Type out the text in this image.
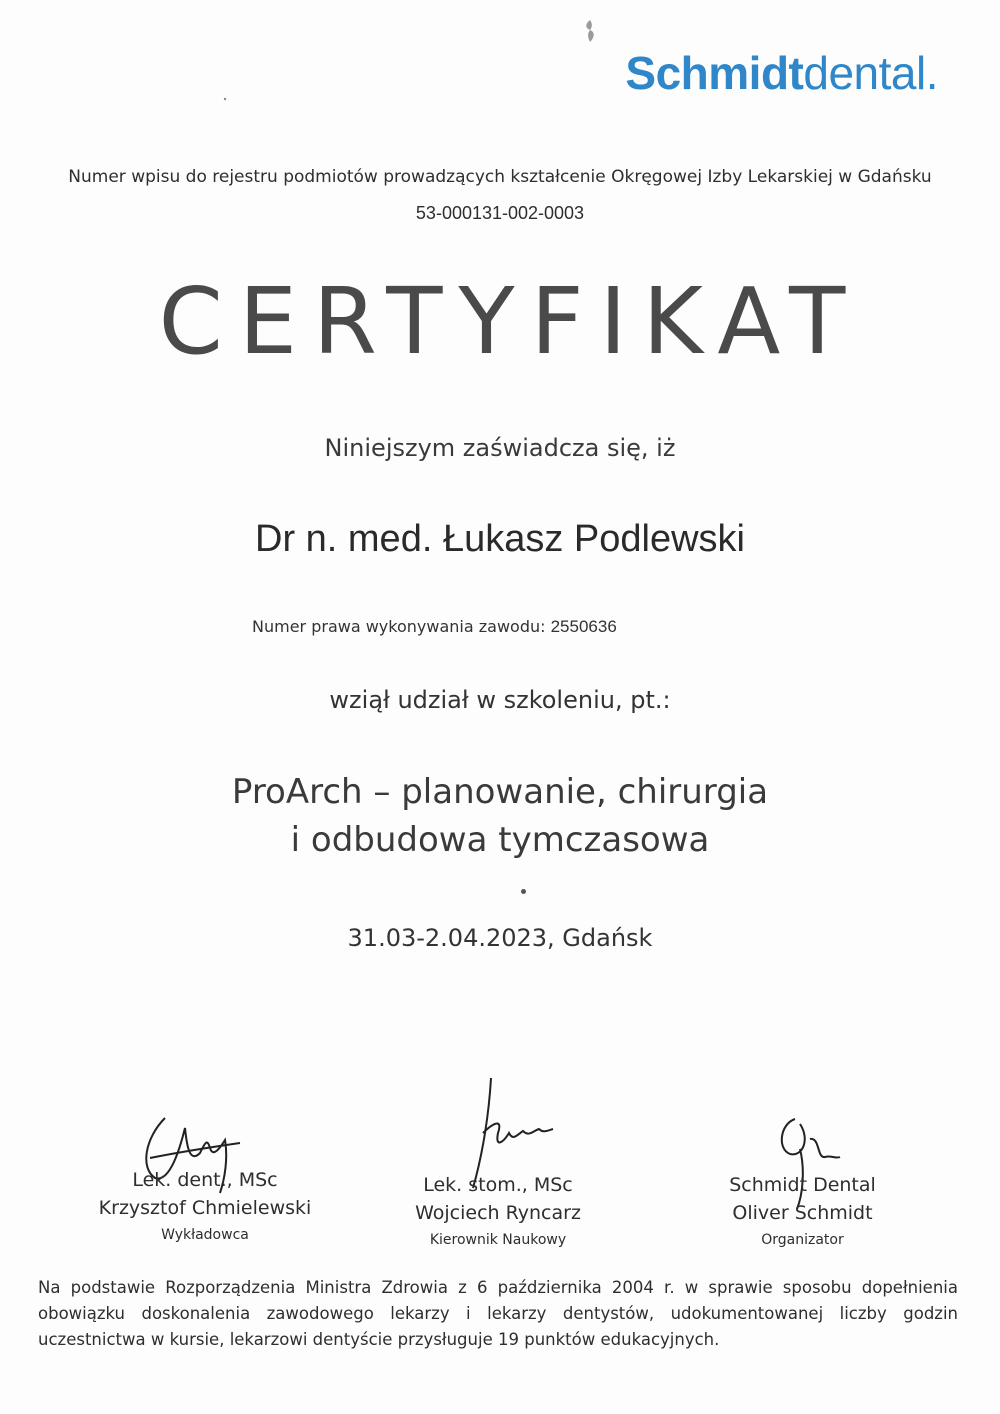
Schmidtdental.
Numer wpisu do rejestru podmiotów prowadzących kształcenie Okręgowej Izby Lekarskiej w Gdańsku
53-000131-002-0003
CERTYFIKAT
Niniejszym zaświadcza się, iż
Dr n. med. Łukasz Podlewski
Numer prawa wykonywania zawodu: 2550636
wziął udział w szkoleniu, pt.:
ProArch – planowanie, chirurgia
i odbudowa tymczasowa
31.03-2.04.2023, Gdańsk
Lek. dent., MSc
Krzysztof Chmielewski
Wykładowca
Lek. stom., MSc
Wojciech Ryncarz
Kierownik Naukowy
Schmidt Dental
Oliver Schmidt
Organizator
Na podstawie Rozporządzenia Ministra Zdrowia z 6 października 2004 r. w sprawie sposobu dopełnienia obowiązku doskonalenia zawodowego lekarzy i lekarzy dentystów, udokumentowanej liczby godzin uczestnictwa w kursie, lekarzowi dentyście przysługuje 19 punktów edukacyjnych.
